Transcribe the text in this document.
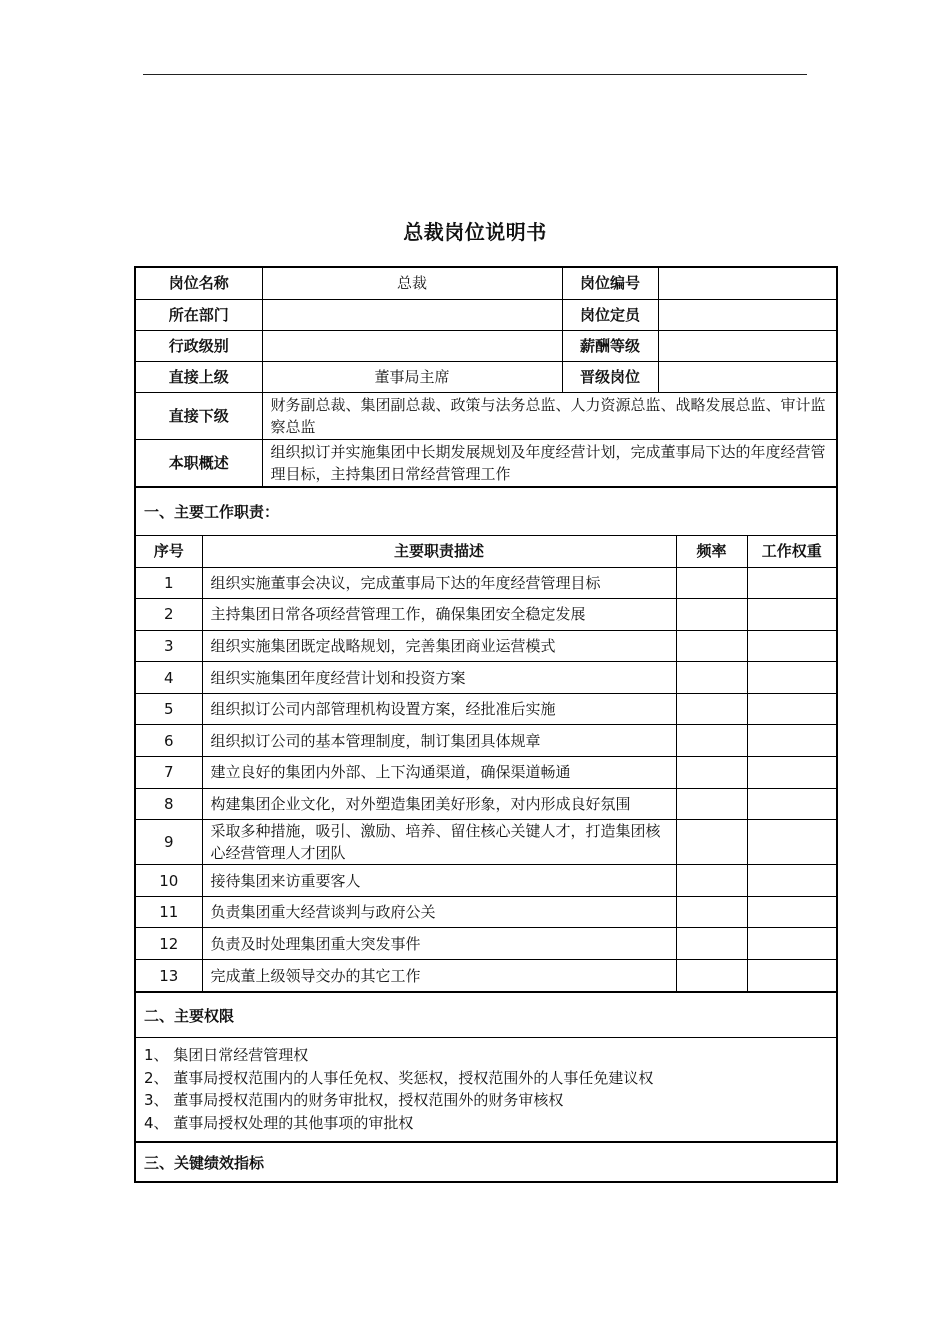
总裁岗位说明书
岗位名称	总裁	岗位编号	
所在部门		岗位定员	
行政级别		薪酬等级	
直接上级	董事局主席	晋级岗位	
直接下级	财务副总裁、集团副总裁、政策与法务总监、人力资源总监、战略发展总监、审计监察总监		
本职概述	组织拟订并实施集团中长期发展规划及年度经营计划，完成董事局下达的年度经营管理目标，主持集团日常经营管理工作		
一、主要工作职责：
序号	主要职责描述	频率	工作权重
1	组织实施董事会决议，完成董事局下达的年度经营管理目标		
2	主持集团日常各项经营管理工作，确保集团安全稳定发展		
3	组织实施集团既定战略规划，完善集团商业运营模式		
4	组织实施集团年度经营计划和投资方案		
5	组织拟订公司内部管理机构设置方案，经批准后实施		
6	组织拟订公司的基本管理制度，制订集团具体规章		
7	建立良好的集团内外部、上下沟通渠道，确保渠道畅通		
8	构建集团企业文化，对外塑造集团美好形象，对内形成良好氛围		
9	采取多种措施，吸引、激励、培养、留住核心关键人才，打造集团核心经营管理人才团队		
10	接待集团来访重要客人		
11	负责集团重大经营谈判与政府公关		
12	负责及时处理集团重大突发事件		
13	完成董上级领导交办的其它工作		
二、主要权限
1、 集团日常经营管理权
2、 董事局授权范围内的人事任免权、奖惩权，授权范围外的人事任免建议权
3、 董事局授权范围内的财务审批权，授权范围外的财务审核权
4、 董事局授权处理的其他事项的审批权
三、关键绩效指标
